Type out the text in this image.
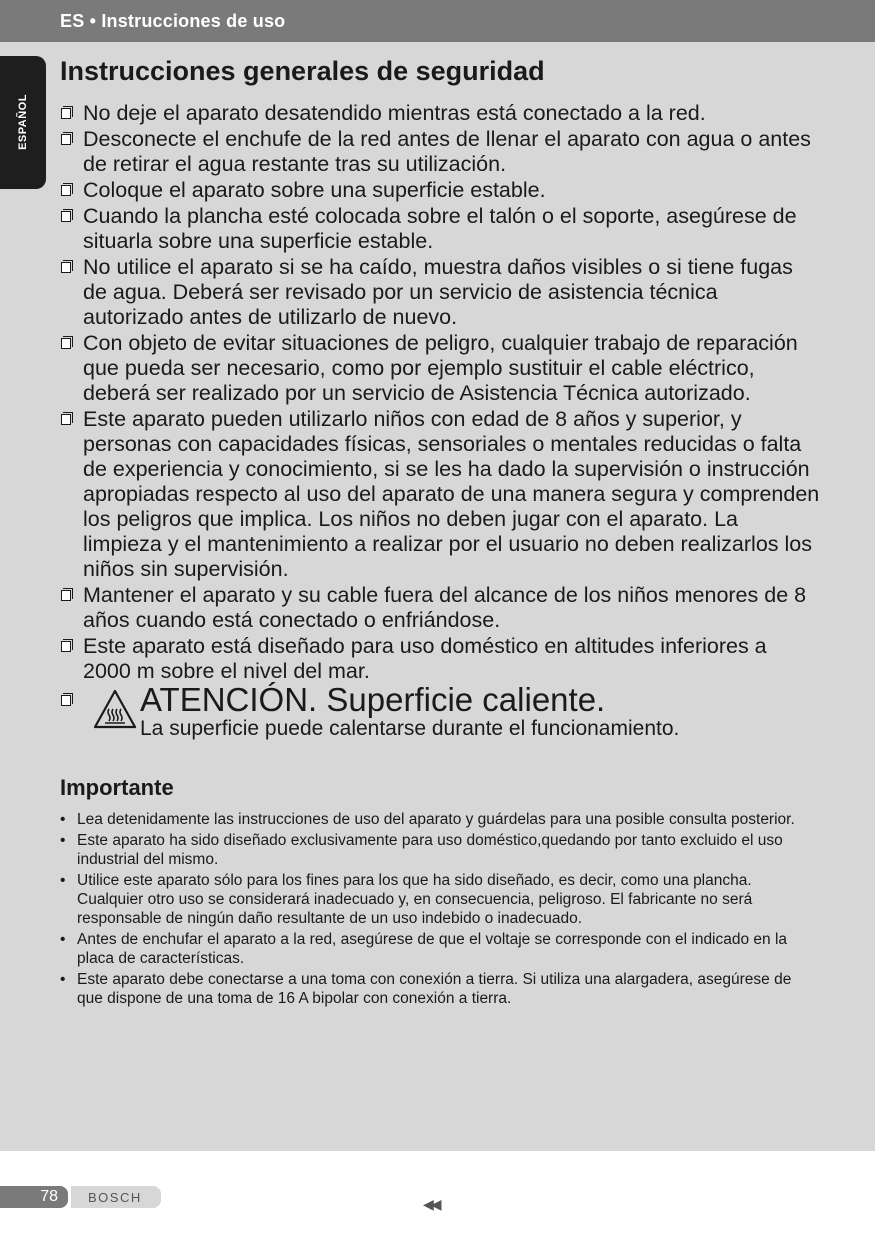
ES • Instrucciones de uso
ESPAÑOL
Instrucciones generales de seguridad
No deje el aparato desatendido mientras está conectado a la red.
Desconecte el enchufe de la red antes de llenar el aparato con agua o antes de retirar el agua restante tras su utilización.
Coloque el aparato sobre una superficie estable.
Cuando la plancha esté colocada sobre el talón o el soporte, asegúrese de situarla sobre una superficie estable.
No utilice el aparato si se ha caído, muestra daños visibles o si tiene fugas de agua. Deberá ser revisado por un servicio de asistencia técnica autorizado antes de utilizarlo de nuevo.
Con objeto de evitar situaciones de peligro, cualquier trabajo de reparación que pueda ser necesario, como por ejemplo sustituir el cable eléctrico, deberá ser realizado por un servicio de Asistencia Técnica autorizado.
Este aparato pueden utilizarlo niños con edad de 8 años y superior, y personas con capacidades físicas, sensoriales o mentales reducidas o falta de experiencia y conocimiento, si se les ha dado la supervisión o instrucción apropiadas respecto al uso del aparato de una manera segura y comprenden los peligros que implica. Los niños no deben jugar con el aparato. La limpieza y el mantenimiento a realizar por el usuario no deben realizarlos los niños sin supervisión.
Mantener el aparato y su cable fuera del alcance de los niños menores de 8 años cuando está conectado o enfriándose.
Este aparato está diseñado para uso doméstico en altitudes inferiores a 2000 m sobre el nivel del mar.
ATENCIÓN. Superficie caliente.
La superficie puede calentarse durante el funcionamiento.
Importante
• Lea detenidamente las instrucciones de uso del aparato y guárdelas para una posible consulta posterior.
• Este aparato ha sido diseñado exclusivamente para uso doméstico,quedando por tanto excluido el uso industrial del mismo.
• Utilice este aparato sólo para los fines para los que ha sido diseñado, es decir, como una plancha. Cualquier otro uso se considerará inadecuado y, en consecuencia, peligroso. El fabricante no será responsable de ningún daño resultante de un uso indebido o inadecuado.
• Antes de enchufar el aparato a la red, asegúrese de que el voltaje se corresponde con el indicado en la placa de características.
• Este aparato debe conectarse a una toma con conexión a tierra. Si utiliza una alargadera, asegúrese de que dispone de una toma de 16 A bipolar con conexión a tierra.
78	BOSCH	◀◀
